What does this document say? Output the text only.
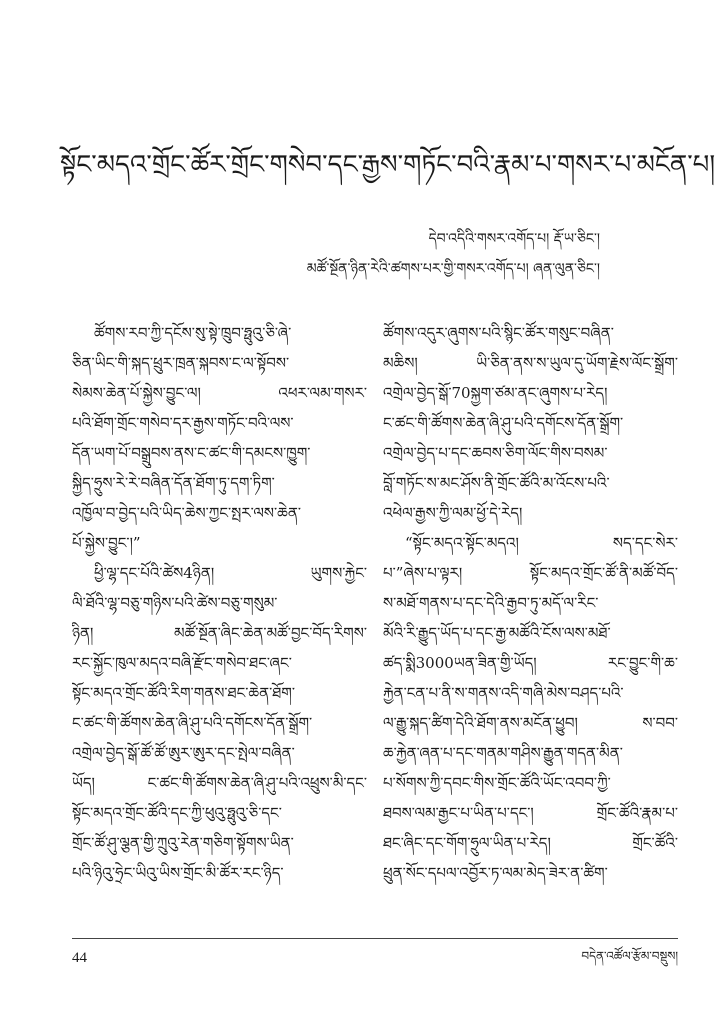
སྟོང་མདའ་གྲོང་ཚོར་གྲོང་གསེབ་དང་རྒྱས་གཏོང་བའི་རྣམ་པ་གསར་པ་མངོན་པ།
དེབ་འདིའི་གསར་འགོད་པ། རྡོ་ཡ་ཅིང་།
མཚོ་སྔོན་ཉིན་རེའི་ཚགས་པར་གྱི་གསར་འགོད་པ། ཞན་ལུན་ཅིང་།
ཚོགས་རབ་ཀྱི་དངོས་སུ་སྟེ་ཁྲུབ་ཧྥུའུ་ཅི་ཞེ་
ཅིན་ཡིང་གི་སྐད་ཕྲུར་ཁྲན་སྐབས་ང་ལ་སྟོབས་
སེམས་ཆེན་པོ་སྐྱེས་བྱུང་ལ། འཕར་ལམ་གསར་
པའི་ཐོག་གྲོང་གསེབ་དར་རྒྱས་གཏོང་བའི་ལས་
དོན་ཡག་པོ་བསྒྲུབས་ནས་ང་ཚང་གི་དམངས་ཁྱུག་
སྐྱིད་ཧྲུས་རེ་རེ་བཞིན་དོན་ཐོག་ཏུ་དག་ཏིག་
འཁྱོལ་བ་བྱེད་པའི་ཡིད་ཆེས་ཀྱང་སྤར་ལས་ཆེན་
པོ་སྐྱེས་བྱུང་།”
ཕྱི་ལྷ་དང་པོའི་ཚེས4ཉིན། ཡུགས་རྐྱེང་
ལི་ཐོའི་ལྷ་བཅུ་གཉིས་པའི་ཚེས་བཅུ་གསུམ་
ཉིན། མཚོ་སྔོན་ཞིང་ཆེན་མཚོ་བྱང་བོད་རིགས་
རང་སྐྱོང་ཁུལ་མདའ་བཞི་རྫོང་གསེབ་ཐང་ཞང་
སྟོང་མདའ་གྲོང་ཚོའི་རིག་གནས་ཐང་ཆེན་ཐོག་
ང་ཚང་གི་ཚོགས་ཆེན་ཞི་ཤུ་པའི་དགོངས་དོན་སྒྲོག་
འགྲེལ་བྱེད་སྒོ་ཚོ་ཚོ་ཨུར་ཨུར་དང་སྤེལ་བཞིན་
ཡོད། ང་ཚང་གི་ཚོགས་ཆེན་ཞི་ཤུ་པའི་འཕྲུས་མི་དང་
སྟོང་མདའ་གྲོང་ཚོའི་དང་ཀྱི་ཕུའུ་ཧྥུའུ་ཅི་དང་
གྲོང་ཚོ་ཤུ་ལྕན་གྱི་ཀྲུའུ་རེན་གཅིག་སྟོགས་ཡིན་
པའི་ཉིའུ་ཧྲེང་ཡིའུ་ཡིས་གྲོང་མི་ཚོར་རང་ཉིད་
ཚོགས་འདུར་ཞུགས་པའི་སྙིང་ཚོར་གསུང་བཞིན་
མཆིས། ཡི་ཅིན་ནས་ས་ཡུལ་དུ་ཡོག་རྗེས་ལོང་སྒྲོག་
འགྲེལ་བྱེད་སྒོ་70སྐྱག་ཙམ་ནང་ཞུགས་པ་རེད།
ང་ཚང་གི་ཚོགས་ཆེན་ཞི་ཤུ་པའི་དགོངས་དོན་སྒྲོག་
འགྲེལ་བྱེད་པ་དང་ཆབས་ཅིག་ལོང་གིས་བསམ་
བློ་གཏོང་ས་མང་ཤོས་ནི་གྲོང་ཚོའི་མ་འོངས་པའི་
འཕེལ་རྒྱས་ཀྱི་ལམ་ཕྱོ་དེ་རེད།
“སྟོང་མདའ་སྟོང་མདའ། སད་དང་སེར་
པ་”ཞེས་པ་ལྟར། སྟོང་མདའ་གྲོང་ཚོ་ནི་མཚོ་བོད་
ས་མཐོ་གནས་པ་དང་དེའི་རྒྱབ་ཏུ་མདོ་ལ་རིང་
མོའི་རི་རྒྱུད་ཡོད་པ་དང་རྒྱ་མཚོའི་ངོས་ལས་མཐོ་
ཚད་སྨི3000ཡན་ཟིན་གྱི་ཡོད། རང་བྱུང་གི་ཆ་
རྐྱེན་ངན་པ་ནི་ས་གནས་འདི་གཞི་མེས་བཤད་པའི་
ལ་རྒྱུ་སྐད་ཚིག་དེའི་ཐོག་ནས་མངོན་ཕྱུབ། ས་བབ་
ཆ་རྐྱེན་ཞན་པ་དང་གནམ་གཤིས་རྒྱུན་གདན་མིན་
པ་སོགས་ཀྱི་དབང་གིས་གྲོང་ཚོའི་ཡོང་འབབ་ཀྱི་
ཐབས་ལམ་རྒྱང་པ་ཡིན་པ་དང་། གྲོང་ཚོའི་རྣམ་པ་
ཐང་ཞིང་དང་གོག་ཧྲུལ་ཡིན་པ་རེད། གྲོང་ཚོའི་
ཕྲུན་སོང་དཔལ་འབྱོར་ཏ་ལམ་མེད་ཟེར་ན་ཚིག་
44	བདེན་འཚོལ་རྩོམ་བསྡུས།
